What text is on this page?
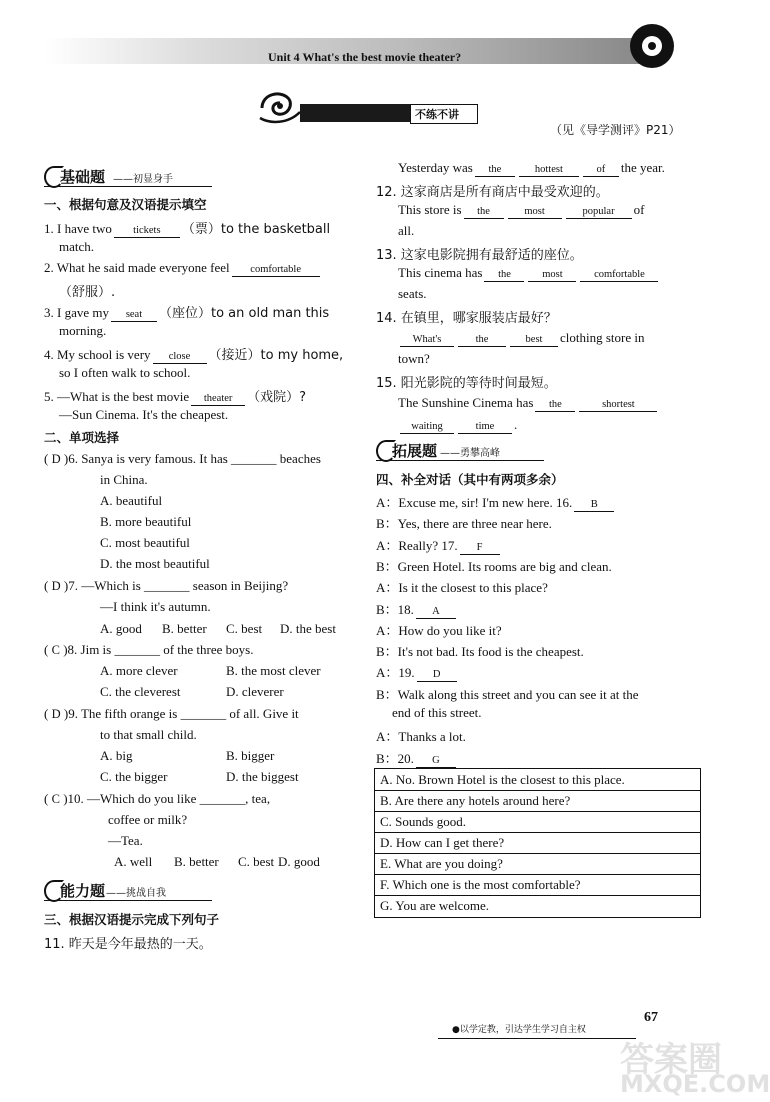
Unit 4 What's the best movie theater?
不练不讲
（见《导学测评》P21）
基础题 ——初显身手
一、根据句意及汉语提示填空
1. I have two tickets （票）to the basketball
match.
2. What he said made everyone feel comfortable
（舒服）.
3. I gave my seat （座位）to an old man this
morning.
4. My school is very close （接近）to my home,
so I often walk to school.
5. —What is the best movie theater （戏院）?
—Sun Cinema. It's the cheapest.
二、单项选择
( D )6. Sanya is very famous. It has _______ beaches
in China.
A. beautiful
B. more beautiful
C. most beautiful
D. the most beautiful
( D )7. —Which is _______ season in Beijing?
—I think it's autumn.
A. good B. better C. best D. the best
( C )8. Jim is _______ of the three boys.
A. more clever	B. the most clever
C. the cleverest	D. cleverer
( D )9. The fifth orange is _______ of all. Give it
to that small child.
A. big	B. bigger
C. the bigger	D. the biggest
( C )10. —Which do you like _______, tea,
coffee or milk?
—Tea.
A. well B. better C. best D. good
能力题 ——挑战自我
三、根据汉语提示完成下列句子
11. 昨天是今年最热的一天。
Yesterday was the	hottest	of the year.
12. 这家商店是所有商店中最受欢迎的。
This store is the	most	popular of
all.
13. 这家电影院拥有最舒适的座位。
This cinema has the	most	comfortable
seats.
14. 在镇里，哪家服装店最好？
What's	the	best clothing store in
town?
15. 阳光影院的等待时间最短。
The Sunshine Cinema has the	shortest
waiting	time .
拓展题 ——勇攀高峰
四、补全对话（其中有两项多余）
A：Excuse me, sir! I'm new here. 16. B
B：Yes, there are three near here.
A：Really? 17. F
B：Green Hotel. Its rooms are big and clean.
A：Is it the closest to this place?
B：18. A
A：How do you like it?
B：It's not bad. Its food is the cheapest.
A：19. D
B：Walk along this street and you can see it at the
end of this street.
A：Thanks a lot.
B：20. G
A. No. Brown Hotel is the closest to this place.
B. Are there any hotels around here?
C. Sounds good.
D. How can I get there?
E. What are you doing?
F. Which one is the most comfortable?
G. You are welcome.
答案圈
MXQE.COM
●以学定教，引达学生学习自主权
67
